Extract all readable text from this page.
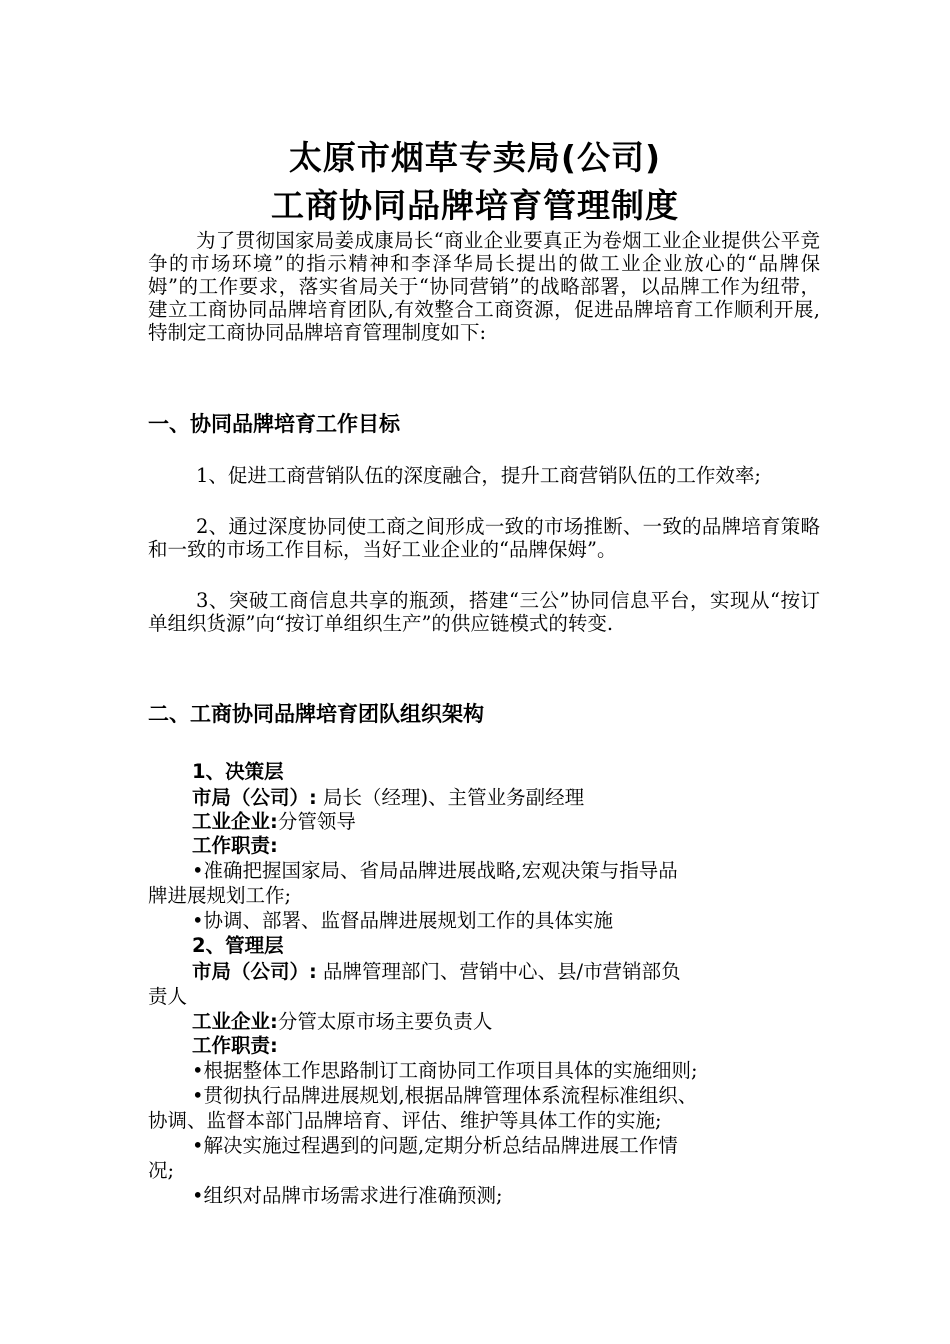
太原市烟草专卖局(公司)
工商协同品牌培育管理制度
为了贯彻国家局姜成康局长“商业企业要真正为卷烟工业企业提供公平竞争的市场环境”的指示精神和李泽华局长提出的做工业企业放心的“品牌保姆”的工作要求，落实省局关于“协同营销”的战略部署，以品牌工作为纽带，建立工商协同品牌培育团队,有效整合工商资源，促进品牌培育工作顺利开展,特制定工商协同品牌培育管理制度如下:
一、协同品牌培育工作目标
1、促进工商营销队伍的深度融合，提升工商营销队伍的工作效率;
2、通过深度协同使工商之间形成一致的市场推断、一致的品牌培育策略和一致的市场工作目标，当好工业企业的“品牌保姆”。
3、突破工商信息共享的瓶颈，搭建“三公”协同信息平台，实现从“按订单组织货源”向“按订单组织生产”的供应链模式的转变.
二、工商协同品牌培育团队组织架构
1、决策层
市局（公司）: 局长（经理)、主管业务副经理
工业企业:分管领导
工作职责:
•准确把握国家局、省局品牌进展战略,宏观决策与指导品
牌进展规划工作;
•协调、部署、监督品牌进展规划工作的具体实施
2、管理层
市局（公司）: 品牌管理部门、营销中心、县/市营销部负
责人
工业企业:分管太原市场主要负责人
工作职责:
•根据整体工作思路制订工商协同工作项目具体的实施细则;
•贯彻执行品牌进展规划,根据品牌管理体系流程标准组织、
协调、监督本部门品牌培育、评估、维护等具体工作的实施;
•解决实施过程遇到的问题,定期分析总结品牌进展工作情
况;
•组织对品牌市场需求进行准确预测;
